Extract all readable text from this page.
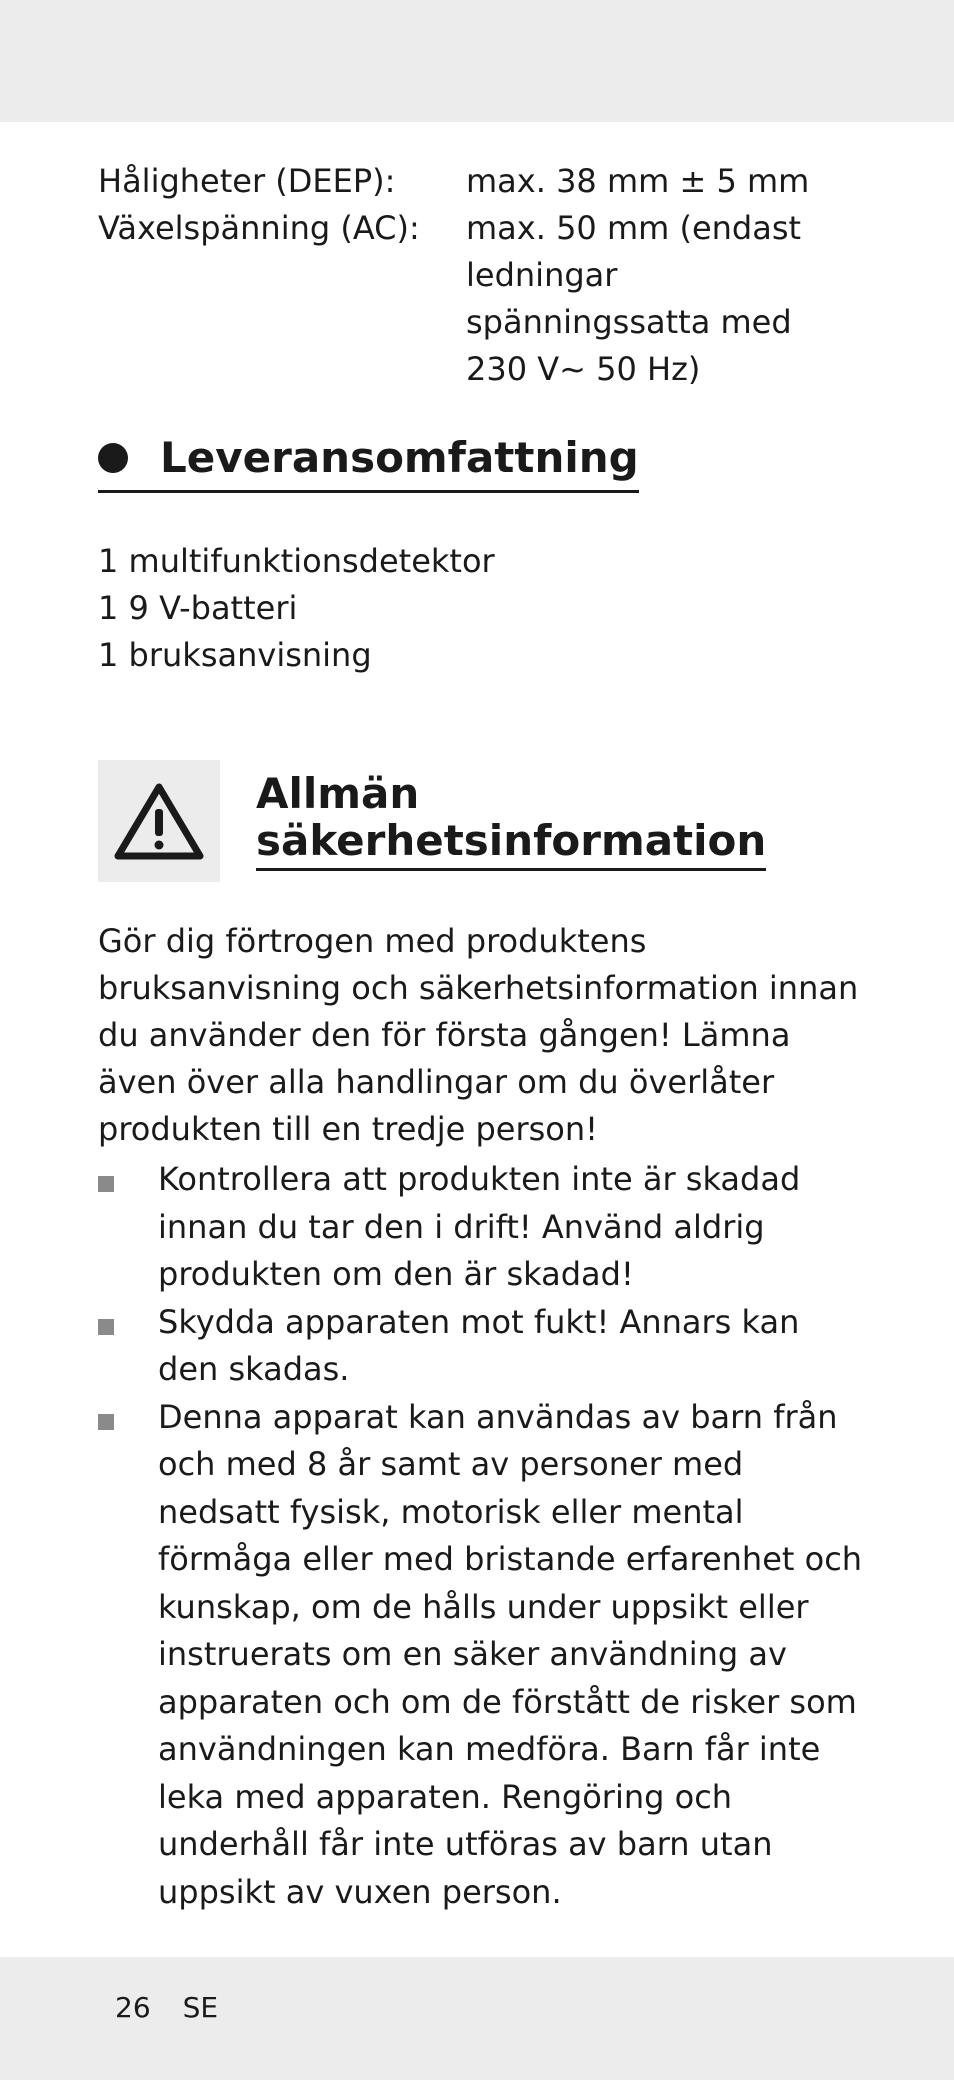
Håligheter (DEEP):	max. 38 mm ± 5 mm
Växelspänning (AC):	max. 50 mm (endast ledningar spänningssatta med 230 V~ 50 Hz)
Leveransomfattning
1 multifunktionsdetektor
1 9 V-batteri
1 bruksanvisning
Allmän
säkerhetsinformation

Gör dig förtrogen med produktens bruksanvisning och säkerhetsinformation innan du använder den för första gången! Lämna även över alla handlingar om du överlåter produkten till en tredje person!

Kontrollera att produkten inte är skadad innan du tar den i drift! Använd aldrig produkten om den är skadad!
Skydda apparaten mot fukt! Annars kan den skadas.
Denna apparat kan användas av barn från och med 8 år samt av personer med nedsatt fysisk, motorisk eller mental förmåga eller med bristande erfarenhet och kunskap, om de hålls under uppsikt eller instruerats om en säker användning av apparaten och om de förstått de risker som användningen kan medföra. Barn får inte leka med apparaten. Rengöring och underhåll får inte utföras av barn utan uppsikt av vuxen person.
26 SE
